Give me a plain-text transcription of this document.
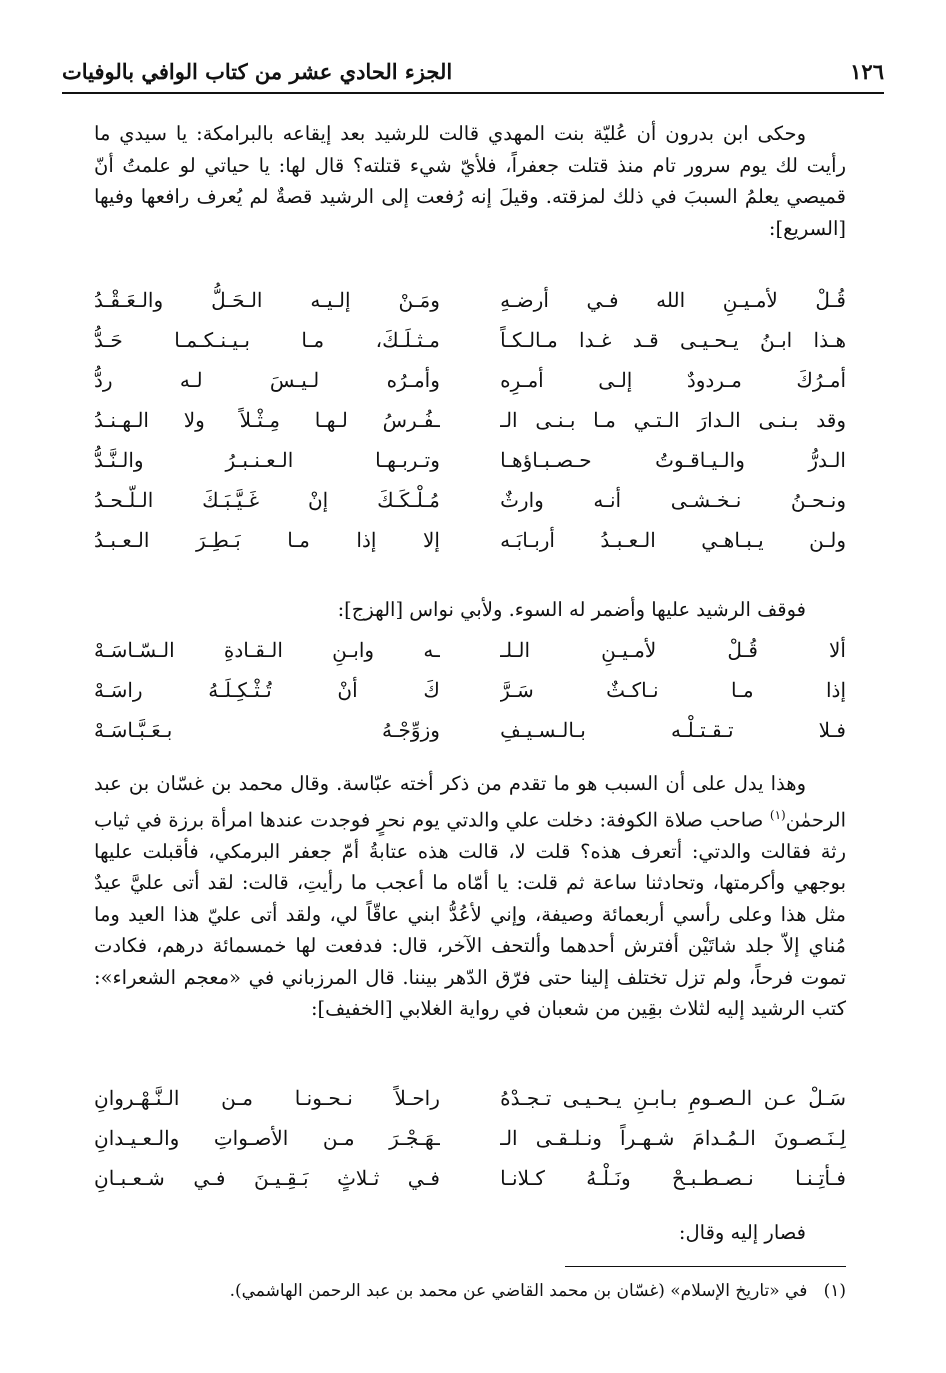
١٢٦
الجزء الحادي عشر من كتاب الوافي بالوفيات

وحكى ابن بدرون أن عُليّة بنت المهدي قالت للرشيد بعد إيقاعه بالبرامكة: يا سيدي ما رأيت لك يوم سرور تام منذ قتلت جعفراً، فلأيّ شيء قتلته؟ قال لها: يا حياتي لو علمتُ أنّ قميصي يعلمُ السببَ في ذلك لمزقته. وقيلَ إنه رُفعت إلى الرشيد قصةٌ لم يُعرف رافعها وفيها [السريع]:

قُـلْ لأمـيـنِ الله فـي أرضـهِ
ومَـنْ إلـيـه الـحَـلُّ والـعَـقْـدُ
هـذا ابـنُ يـحـيـى قـد غـدا مـالـكـاً
مـثـلَـكَ، مـا بـيـنـكـمـا حَـدُّ
أمـرُكَ مـردودٌ إلـى أمـرِه
وأمـرُه لـيـسَ لـه ردُّ
وقد بـنـى الـدارَ الـتـي مـا بـنـى الـ
ـفُـرسُ لـهـا مِـثْـلاً ولا الـهـنـدُ
الـدرُّ والـيـاقـوتُ حـصـبـاؤهـا
وتـربـهـا الـعـنـبـرُ والـنَّـدُّ
ونـحـنُ نـخـشـى أنـه وارثٌ
مُـلْـكَـكَ إنْ غَـيَّـبَـكَ الـلّـحـدُ
ولـن يـبـاهـي الـعـبـدُ أربـابَـه
إلا إذا مـا بَـطِـرَ الـعـبـدُ

فوقف الرشيد عليها وأضمر له السوء. ولأبي نواس [الهزج]:

ألا قُـلْ لأمـيـنِ الـلـ
ـه وابـنِ الـقـادةِ الـسّـاسَـهْ
إذا مـا نـاكـثٌ سَـرَّ
كَ أنْ تُـثْـكِـلَـهُ راسَـهْ
فـلا تـقـتـلْـه بـالـسـيـفِ
وزوِّجْـهُ بـعَـبَّـاسَـهْ

وهذا يدل على أن السبب هو ما تقدم من ذكر أخته عبّاسة. وقال محمد بن غسّان بن عبد الرحمٰن$^{(١)}$ صاحب صلاة الكوفة: دخلت علي والدتي يوم نحرٍ فوجدت عندها امرأة برزة في ثياب رثة فقالت والدتي: أتعرف هذه؟ قلت لا، قالت هذه عتابةُ أمّ جعفر البرمكي، فأقبلت عليها بوجهي وأكرمتها، وتحادثنا ساعة ثم قلت: يا أمّاه ما أعجب ما رأيتِ، قالت: لقد أتى عليَّ عيدٌ مثل هذا وعلى رأسي أربعمائة وصيفة، وإني لأعُدُّ ابني عاقّاً لي، ولقد أتى عليّ هذا العيد وما مُناي إلاّ جلد شاتَيْن أفترش أحدهما وألتحف الآخر، قال: فدفعت لها خمسمائة درهم، فكادت تموت فرحاً، ولم تزل تختلف إلينا حتى فرّق الدّهر بيننا. قال المرزباني في «معجم الشعراء»: كتب الرشيد إليه لثلاث بقِين من شعبان في رواية الغلابي [الخفيف]:

سَـلْ عـن الـصـومِ بـابـنِ يـحـيـى تـجـدْهُ
راحـلاً نـحـونـا مـن الـنَّـهْـروانِ
لِـنَـصـونَ الـمُـدامَ شـهـراً ونـلـقـى الـ
ـهَـجْـرَ مـن الأصـواتِ والـعـيـدانِ
فـأتِـنـا نـصـطـبـحْ ونَـلْـهُ كـلانـا
فـي ثـلاثٍ بَـقِـيـنَ فـي شـعـبـانِ

فصار إليه وقال:

(١)   في «تاريخ الإسلام» (غسّان بن محمد القاضي عن محمد بن عبد الرحمن الهاشمي).
